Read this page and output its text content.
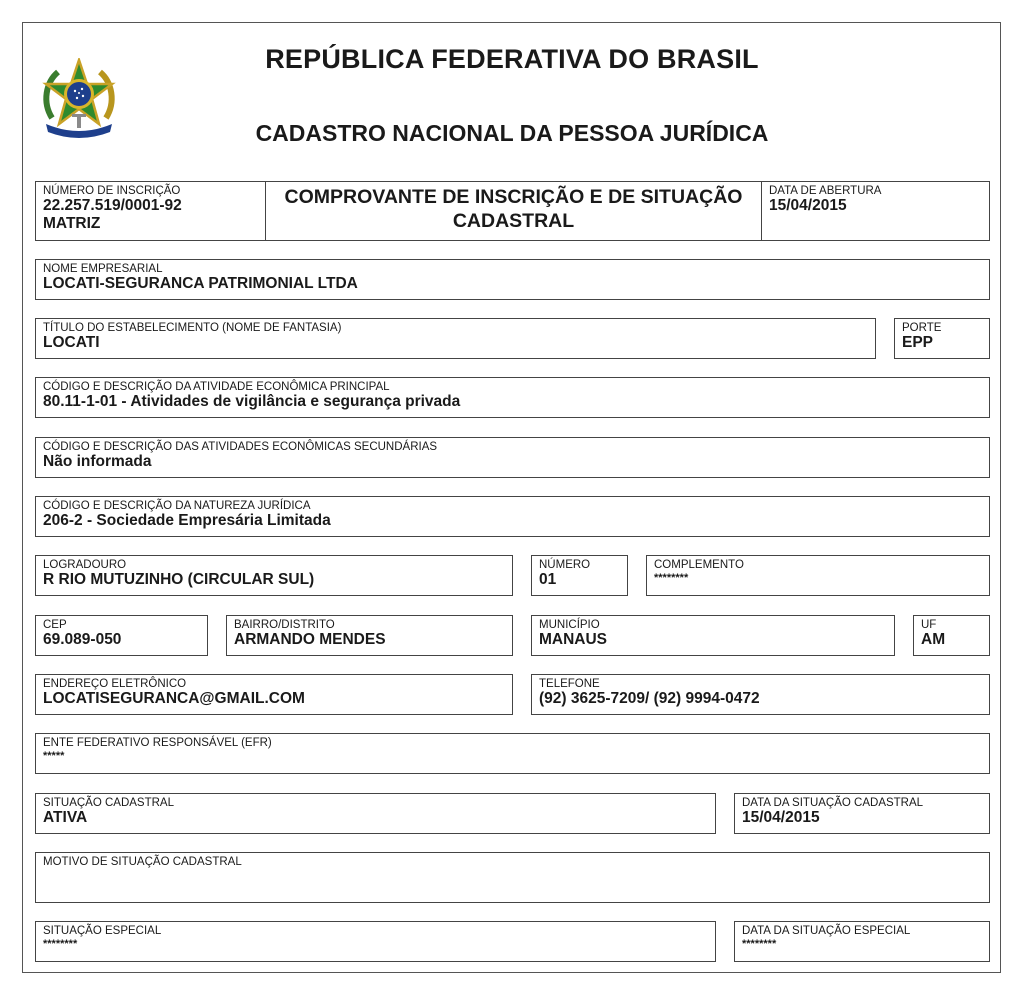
REPÚBLICA FEDERATIVA DO BRASIL
CADASTRO NACIONAL DA PESSOA JURÍDICA
NÚMERO DE INSCRIÇÃO
22.257.519/0001-92
MATRIZ
COMPROVANTE DE INSCRIÇÃO E DE SITUAÇÃO
CADASTRAL
DATA DE ABERTURA
15/04/2015
NOME EMPRESARIAL
LOCATI-SEGURANCA PATRIMONIAL LTDA
TÍTULO DO ESTABELECIMENTO (NOME DE FANTASIA)
LOCATI
PORTE
EPP
CÓDIGO E DESCRIÇÃO DA ATIVIDADE ECONÔMICA PRINCIPAL
80.11-1-01 - Atividades de vigilância e segurança privada
CÓDIGO E DESCRIÇÃO DAS ATIVIDADES ECONÔMICAS SECUNDÁRIAS
Não informada
CÓDIGO E DESCRIÇÃO DA NATUREZA JURÍDICA
206-2 - Sociedade Empresária Limitada
LOGRADOURO
R RIO MUTUZINHO (CIRCULAR SUL)
NÚMERO
01
COMPLEMENTO
********
CEP
69.089-050
BAIRRO/DISTRITO
ARMANDO MENDES
MUNICÍPIO
MANAUS
UF
AM
ENDEREÇO ELETRÔNICO
LOCATISEGURANCA@GMAIL.COM
TELEFONE
(92) 3625-7209/ (92) 9994-0472
ENTE FEDERATIVO RESPONSÁVEL (EFR)
*****
SITUAÇÃO CADASTRAL
ATIVA
DATA DA SITUAÇÃO CADASTRAL
15/04/2015
MOTIVO DE SITUAÇÃO CADASTRAL
SITUAÇÃO ESPECIAL
********
DATA DA SITUAÇÃO ESPECIAL
********
